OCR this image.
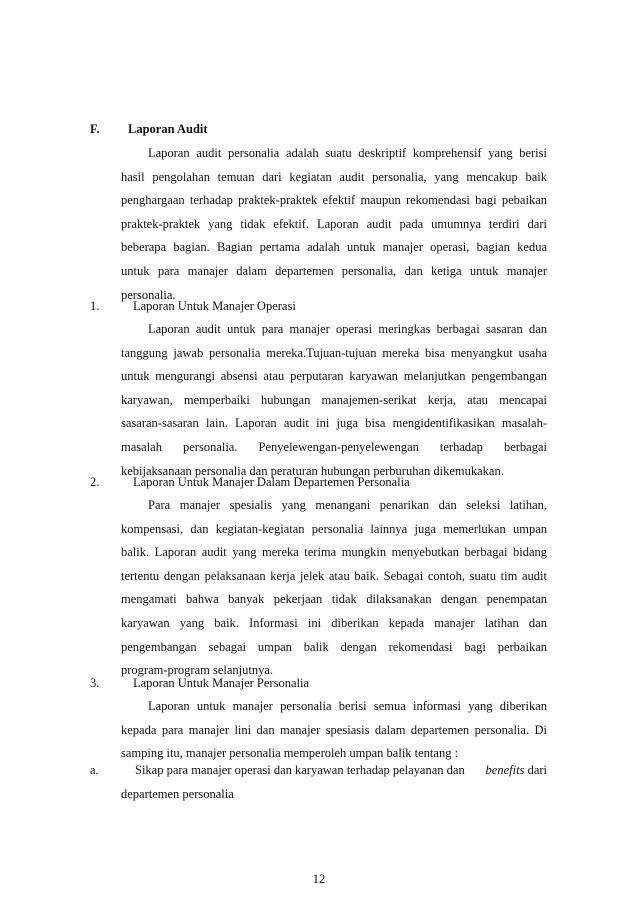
F. Laporan Audit

Laporan audit personalia adalah suatu deskriptif komprehensif yang berisi
hasil pengolahan temuan dari kegiatan audit personalia, yang mencakup baik
penghargaan terhadap praktek-praktek efektif maupun rekomendasi bagi pebaikan
praktek-praktek yang tidak efektif. Laporan audit pada umumnya terdiri dari
beberapa bagian. Bagian pertama adalah untuk manajer operasi, bagian kedua
untuk para manajer dalam departemen personalia, dan ketiga untuk manajer
personalia.

1.	Laporan Untuk Manajer Operasi

Laporan audit untuk para manajer operasi meringkas berbagai sasaran dan
tanggung jawab personalia mereka.Tujuan-tujuan mereka bisa menyangkut usaha
untuk mengurangi absensi atau perputaran karyawan melanjutkan pengembangan
karyawan, memperbaiki hubungan manajemen-serikat kerja, atau mencapai
sasaran-sasaran lain. Laporan audit ini juga bisa mengidentifikasikan masalah-
masalah personalia. Penyelewengan-penyelewengan terhadap berbagai
kebijaksanaan personalia dan peraturan hubungan perburuhan dikemukakan.

2.	Laporan Untuk Manajer Dalam Departemen Personalia

Para manajer spesialis yang menangani penarikan dan seleksi latihan,
kompensasi, dan kegiatan-kegiatan personalia lainnya juga memerlukan umpan
balik. Laporan audit yang mereka terima mungkin menyebutkan berbagai bidang
tertentu dengan pelaksanaan kerja jelek atau baik. Sebagai contoh, suatu tim audit
mengamati bahwa banyak pekerjaan tidak dilaksanakan dengan penempatan
karyawan yang baik. Informasi ini diberikan kepada manajer latihan dan
pengembangan sebagai umpan balik dengan rekomendasi bagi perbaikan
program-program selanjutnya.

3.	Laporan Untuk Manajer Personalia

Laporan untuk manajer personalia berisi semua informasi yang diberikan
kepada para manajer lini dan manajer spesiasis dalam departemen personalia. Di
samping itu, manajer personalia memperoleh umpan balik tentang :

a.	Sikap para manajer operasi dan karyawan terhadap pelayanan dan benefits dari
departemen personalia
12
